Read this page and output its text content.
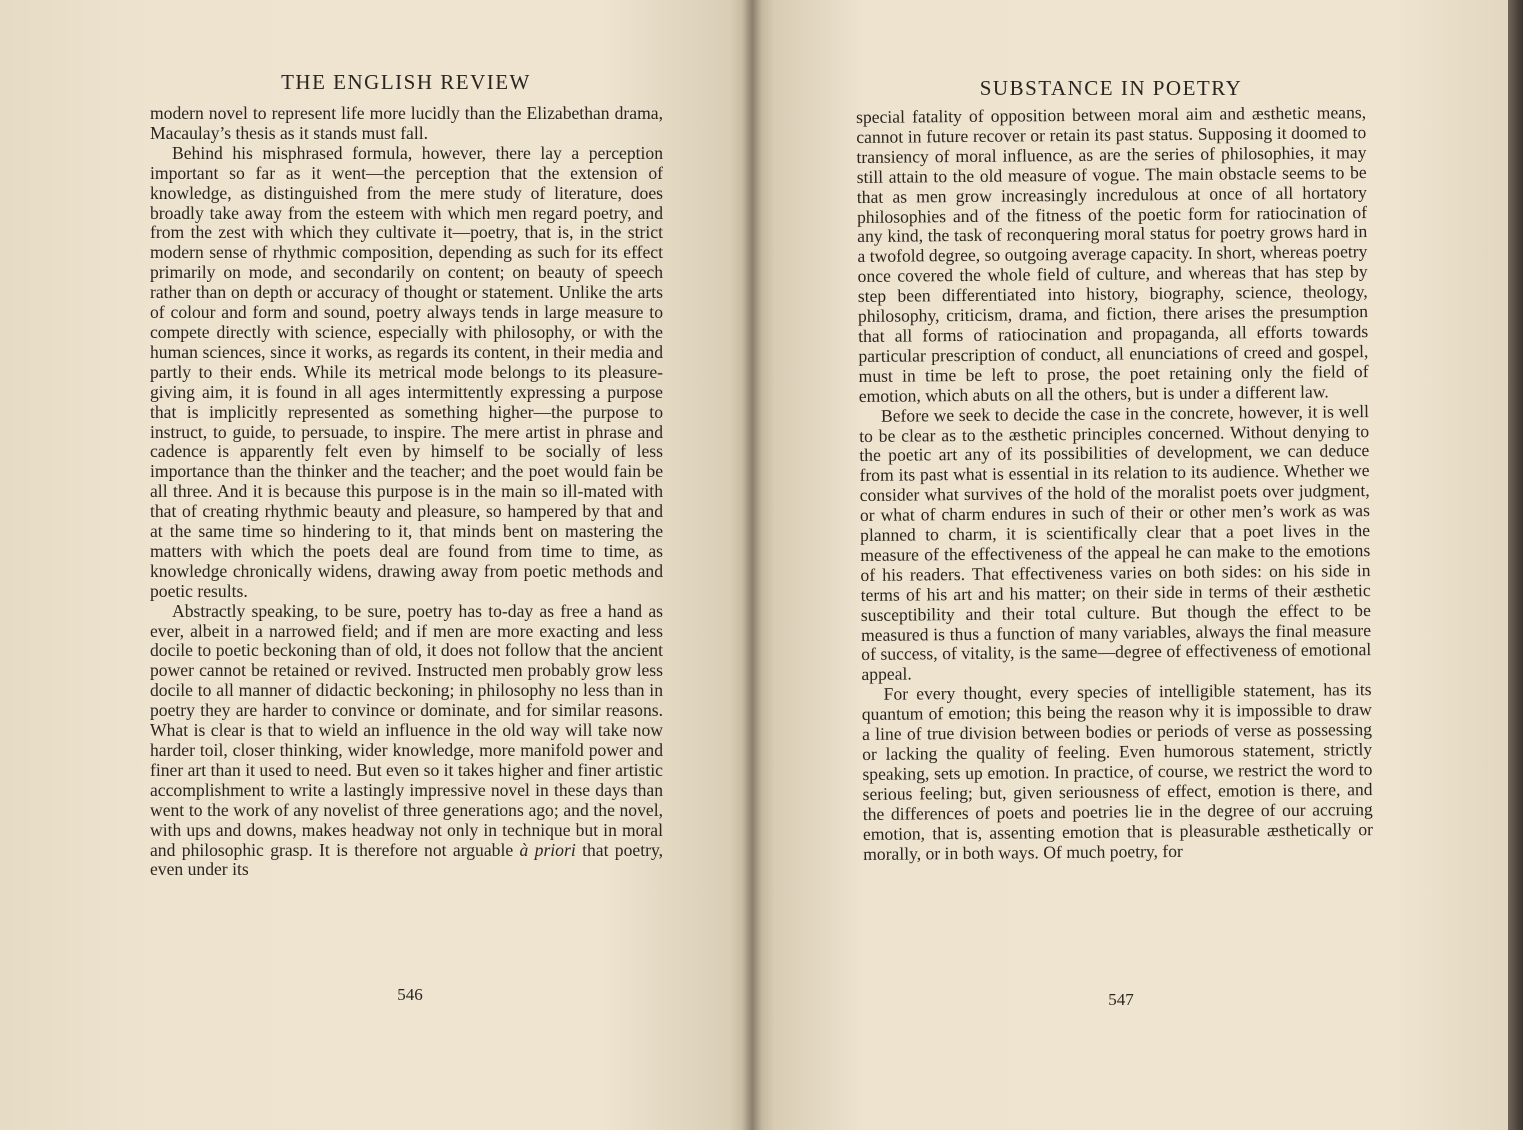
THE ENGLISH REVIEW

modern novel to represent life more lucidly than the Elizabethan drama, Macaulay’s thesis as it stands must fall.

Behind his misphrased formula, however, there lay a perception important so far as it went—the perception that the extension of knowledge, as distinguished from the mere study of literature, does broadly take away from the esteem with which men regard poetry, and from the zest with which they cultivate it—poetry, that is, in the strict modern sense of rhythmic composition, depending as such for its effect primarily on mode, and secondarily on content; on beauty of speech rather than on depth or accuracy of thought or statement. Unlike the arts of colour and form and sound, poetry always tends in large measure to compete directly with science, especially with philosophy, or with the human sciences, since it works, as regards its content, in their media and partly to their ends. While its metrical mode belongs to its pleasure-giving aim, it is found in all ages intermittently expressing a purpose that is implicitly represented as something higher—the purpose to instruct, to guide, to persuade, to inspire. The mere artist in phrase and cadence is apparently felt even by himself to be socially of less importance than the thinker and the teacher; and the poet would fain be all three. And it is because this purpose is in the main so ill-mated with that of creating rhythmic beauty and pleasure, so hampered by that and at the same time so hindering to it, that minds bent on mastering the matters with which the poets deal are found from time to time, as knowledge chronically widens, drawing away from poetic methods and poetic results.

Abstractly speaking, to be sure, poetry has to-day as free a hand as ever, albeit in a narrowed field; and if men are more exacting and less docile to poetic beckoning than of old, it does not follow that the ancient power cannot be retained or revived. Instructed men probably grow less docile to all manner of didactic beckoning; in philosophy no less than in poetry they are harder to convince or dominate, and for similar reasons. What is clear is that to wield an influence in the old way will take now harder toil, closer thinking, wider knowledge, more manifold power and finer art than it used to need. But even so it takes higher and finer artistic accomplishment to write a lastingly impressive novel in these days than went to the work of any novelist of three generations ago; and the novel, with ups and downs, makes headway not only in technique but in moral and philosophic grasp. It is therefore not arguable à priori that poetry, even under its

546
SUBSTANCE IN POETRY

special fatality of opposition between moral aim and æsthetic means, cannot in future recover or retain its past status. Supposing it doomed to transiency of moral influence, as are the series of philosophies, it may still attain to the old measure of vogue. The main obstacle seems to be that as men grow increasingly incredulous at once of all hortatory philosophies and of the fitness of the poetic form for ratiocination of any kind, the task of reconquering moral status for poetry grows hard in a twofold degree, so outgoing average capacity. In short, whereas poetry once covered the whole field of culture, and whereas that has step by step been differentiated into history, biography, science, theology, philosophy, criticism, drama, and fiction, there arises the presumption that all forms of ratiocination and propaganda, all efforts towards particular prescription of conduct, all enunciations of creed and gospel, must in time be left to prose, the poet retaining only the field of emotion, which abuts on all the others, but is under a different law.

Before we seek to decide the case in the concrete, however, it is well to be clear as to the æsthetic principles concerned. Without denying to the poetic art any of its possibilities of development, we can deduce from its past what is essential in its relation to its audience. Whether we consider what survives of the hold of the moralist poets over judgment, or what of charm endures in such of their or other men’s work as was planned to charm, it is scientifically clear that a poet lives in the measure of the effectiveness of the appeal he can make to the emotions of his readers. That effectiveness varies on both sides: on his side in terms of his art and his matter; on their side in terms of their æsthetic susceptibility and their total culture. But though the effect to be measured is thus a function of many variables, always the final measure of success, of vitality, is the same—degree of effectiveness of emotional appeal.

For every thought, every species of intelligible statement, has its quantum of emotion; this being the reason why it is impossible to draw a line of true division between bodies or periods of verse as possessing or lacking the quality of feeling. Even humorous statement, strictly speaking, sets up emotion. In practice, of course, we restrict the word to serious feeling; but, given seriousness of effect, emotion is there, and the differences of poets and poetries lie in the degree of our accruing emotion, that is, assenting emotion that is pleasurable æsthetically or morally, or in both ways. Of much poetry, for

547
